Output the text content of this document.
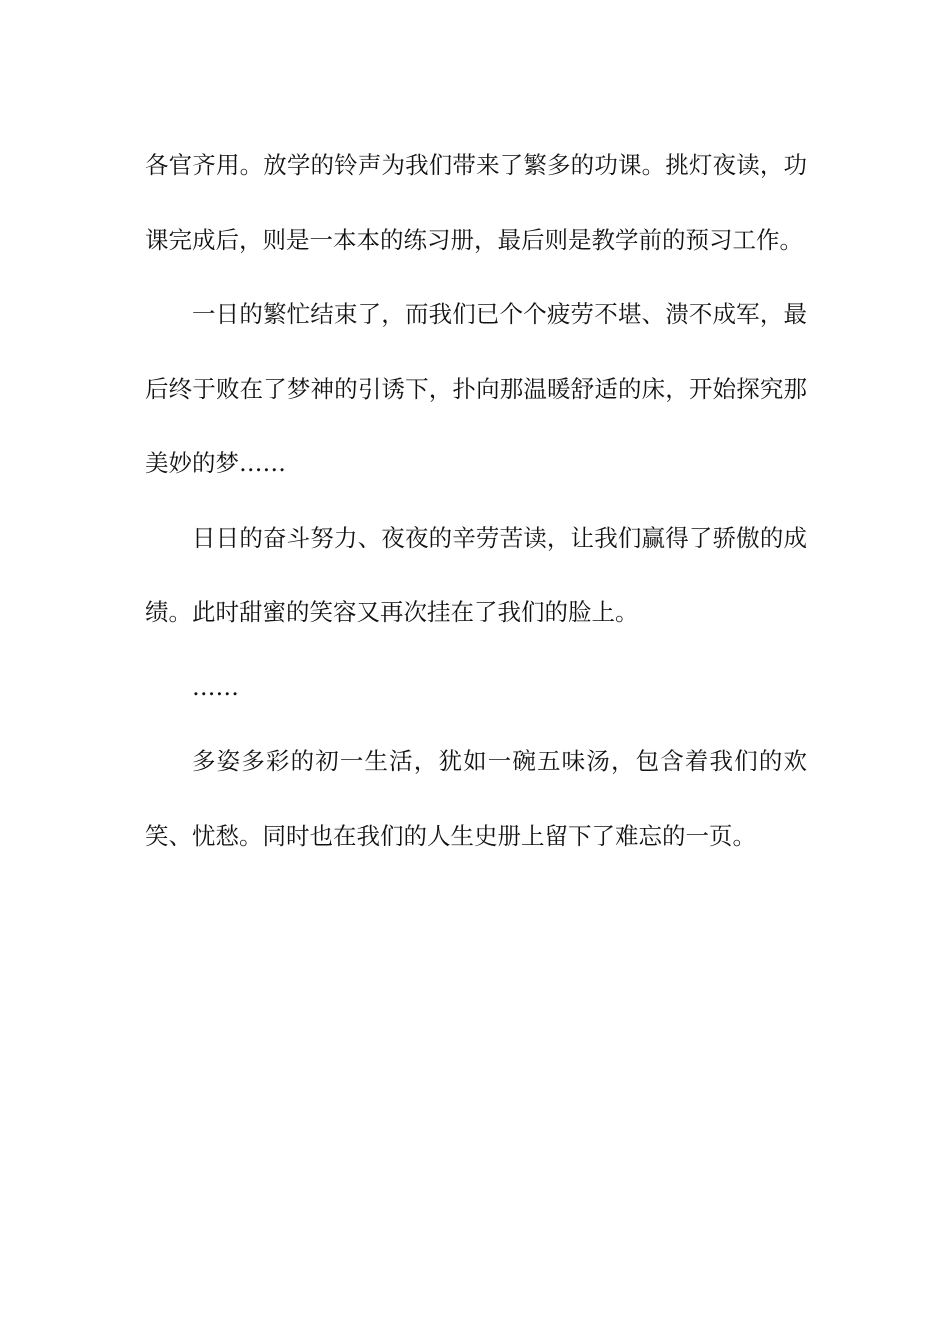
各官齐用。放学的铃声为我们带来了繁多的功课。挑灯夜读，功课完成后，则是一本本的练习册，最后则是教学前的预习工作。

一日的繁忙结束了，而我们已个个疲劳不堪、溃不成军，最后终于败在了梦神的引诱下，扑向那温暖舒适的床，开始探究那美妙的梦……

日日的奋斗努力、夜夜的辛劳苦读，让我们赢得了骄傲的成绩。此时甜蜜的笑容又再次挂在了我们的脸上。

……

多姿多彩的初一生活，犹如一碗五味汤，包含着我们的欢笑、忧愁。同时也在我们的人生史册上留下了难忘的一页。
